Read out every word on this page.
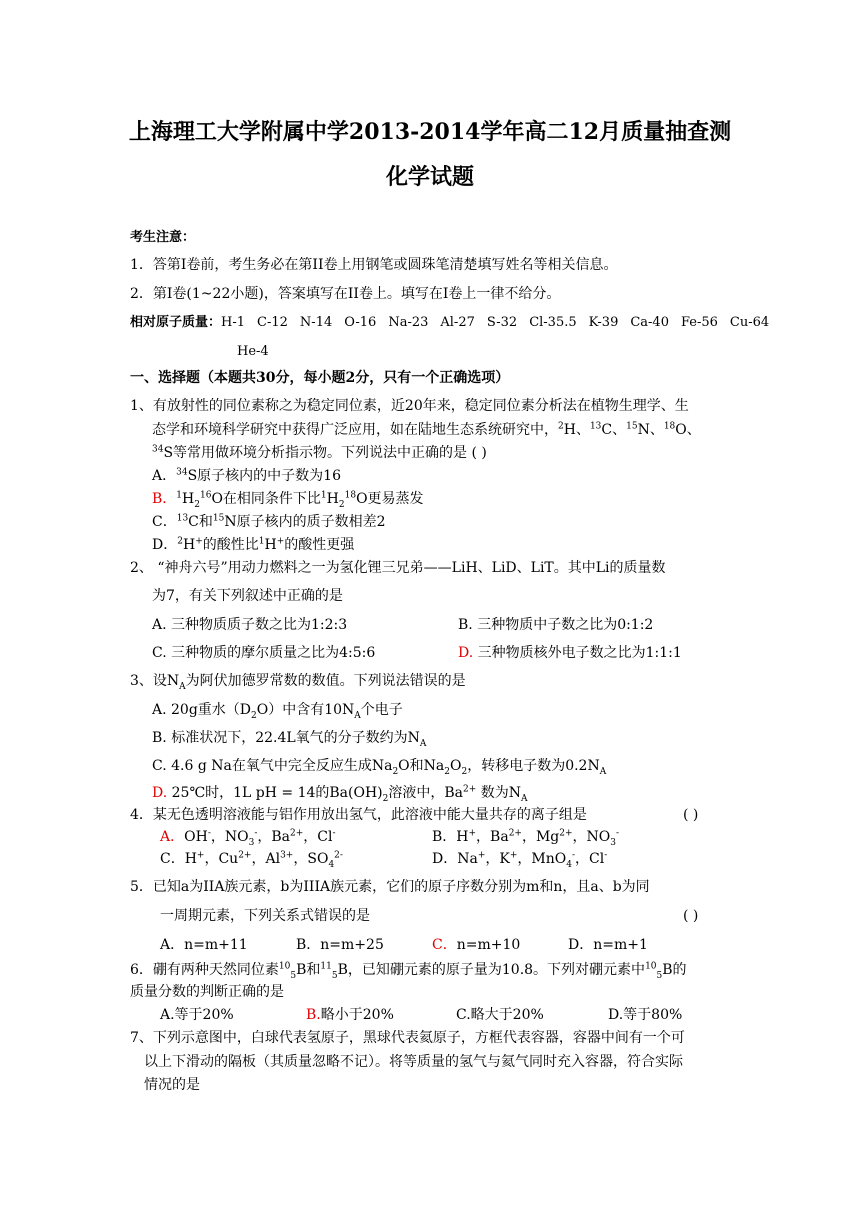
上海理工大学附属中学2013-2014学年高二12月质量抽查测
化学试题
考生注意：
1．答第I卷前，考生务必在第II卷上用钢笔或圆珠笔清楚填写姓名等相关信息。
2．第I卷(1~22小题)，答案填写在II卷上。填写在I卷上一律不给分。
相对原子质量：H-1 C-12 N-14 O-16 Na-23 Al-27 S-32 Cl-35.5 K-39 Ca-40 Fe-56 Cu-64
He-4
一、选择题（本题共30分，每小题2分，只有一个正确选项）
1、有放射性的同位素称之为稳定同位素，近20年来，稳定同位素分析法在植物生理学、生
态学和环境科学研究中获得广泛应用，如在陆地生态系统研究中，$^2$H、$^{13}$C、$^{15}$N、$^{18}$O、
$^{34}$S等常用做环境分析指示物。下列说法中正确的是 ( )
A．$^{34}$S原子核内的中子数为16
B．$^1H_2^{16}O$在相同条件下比$^1H_2^{18}O$更易蒸发
C．$^{13}$C和$^{15}$N原子核内的质子数相差2
D．$^2$H+的酸性比$^1$H+的酸性更强
2、 “神舟六号”用动力燃料之一为氢化锂三兄弟——LiH、LiD、LiT。其中Li的质量数
为7，有关下列叙述中正确的是
A. 三种物质质子数之比为1:2:3	B. 三种物质中子数之比为0:1:2
C. 三种物质的摩尔质量之比为4:5:6	D. 三种物质核外电子数之比为1:1:1
3、设$N_A$为阿伏加德罗常数的数值。下列说法错误的是
A. 20g重水$(D_2O)$中含有$10N_A$个电子
B. 标准状况下，22.4L氧气的分子数约为$N_A$
C. 4.6 g Na在氧气中完全反应生成$Na_2O$和$Na_2O_2$，转移电子数为$0.2N_A$
D. 25℃时，1L pH = 14的$Ba(OH)_2$溶液中，$Ba^{2+}$ 数为$N_A$
4．某无色透明溶液能与铝作用放出氢气，此溶液中能大量共存的离子组是	( )
A．OH-，$NO_3^-$，$Ba^{2+}$，Cl-	B．H+，$Ba^{2+}$，$Mg^{2+}$，$NO_3^-$
C．H+，$Cu^{2+}$，$Al^{3+}$，$SO_4^{2-}$	D．Na+，K+，MnO$_4$-，Cl-
5．已知a为IIA族元素，b为IIIA族元素，它们的原子序数分别为m和n，且a、b为同
一周期元素，下列关系式错误的是	( )
A．n=m+11	B．n=m+25	C．n=m+10	D．n=m+1
6．硼有两种天然同位素$^{10}_5$B和$^{11}_5$B，已知硼元素的原子量为10.8。下列对硼元素中$^{10}_5$B的
质量分数的判断正确的是
A.等于20%	B.略小于20%	C.略大于20%	D.等于80%
7、下列示意图中，白球代表氢原子，黑球代表氦原子，方框代表容器，容器中间有一个可
以上下滑动的隔板（其质量忽略不记）。将等质量的氢气与氦气同时充入容器，符合实际
情况的是
